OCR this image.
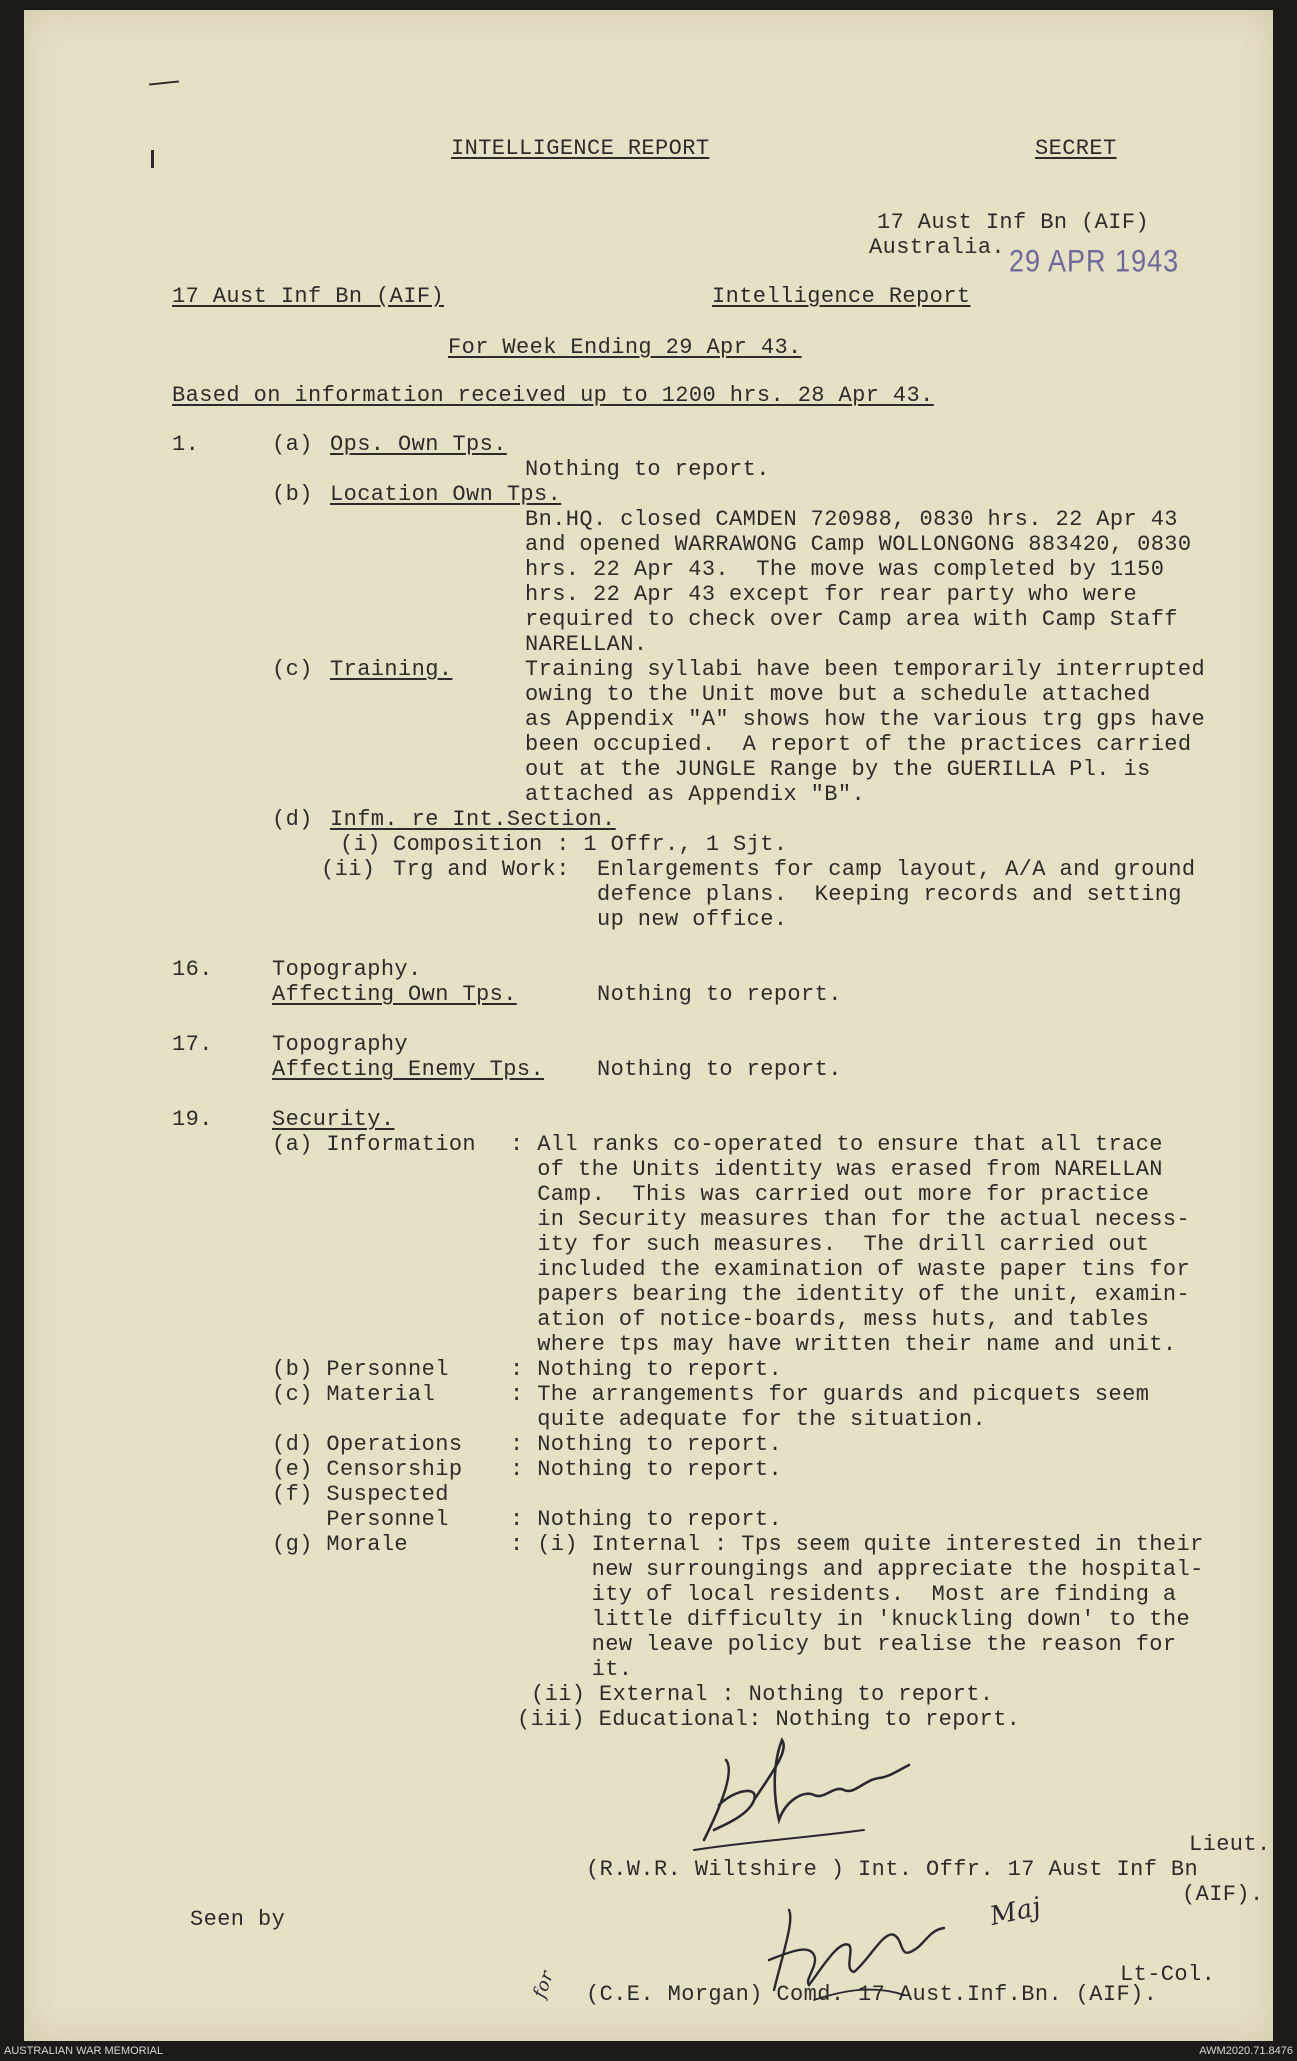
INTELLIGENCE REPORT	SECRET
17 Aust Inf Bn (AIF)
Australia. 29 APR 1943
17 Aust Inf Bn (AIF)	Intelligence Report
For Week Ending 29 Apr 43.
Based on information received up to 1200 hrs. 28 Apr 43.
1.	(a) Ops. Own Tps.
Nothing to report.
(b) Location Own Tps.
Bn.HQ. closed CAMDEN 720988, 0830 hrs. 22 Apr 43
and opened WARRAWONG Camp WOLLONGONG 883420, 0830
hrs. 22 Apr 43.  The move was completed by 1150
hrs. 22 Apr 43 except for rear party who were
required to check over Camp area with Camp Staff
NARELLAN.
(c) Training.	Training syllabi have been temporarily interrupted
owing to the Unit move but a schedule attached
as Appendix "A" shows how the various trg gps have
been occupied.  A report of the practices carried
out at the JUNGLE Range by the GUERILLA Pl. is
attached as Appendix "B".
(d) Infm. re Int.Section.
(i) Composition : 1 Offr., 1 Sjt.
(ii) Trg and Work: Enlargements for camp layout, A/A and ground
defence plans.  Keeping records and setting
up new office.
16.	Topography.
Affecting Own Tps.	Nothing to report.
17.	Topography
Affecting Enemy Tps. Nothing to report.
19.	Security.
(a) Information : All ranks co-operated to ensure that all trace
of the Units identity was erased from NARELLAN
Camp.  This was carried out more for practice
in Security measures than for the actual necess-
ity for such measures.  The drill carried out
included the examination of waste paper tins for
papers bearing the identity of the unit, examin-
ation of notice-boards, mess huts, and tables
where tps may have written their name and unit.
(b) Personnel	: Nothing to report.
(c) Material	: The arrangements for guards and picquets seem
quite adequate for the situation.
(d) Operations : Nothing to report.
(e) Censorship : Nothing to report.
(f) Suspected
Personnel	: Nothing to report.
(g) Morale	: (i) Internal : Tps seem quite interested in their
new surroungings and appreciate the hospital-
ity of local residents.  Most are finding a
little difficulty in 'knuckling down' to the
new leave policy but realise the reason for
it.
(ii) External : Nothing to report.
(iii) Educational: Nothing to report.
Lieut.
(R.W.R. Wiltshire ) Int. Offr. 17 Aust Inf Bn
(AIF).
Seen by	Maj
for	Lt-Col.
(C.E. Morgan) Comd. 17 Aust.Inf.Bn. (AIF).
AUSTRALIAN WAR MEMORIAL	AWM2020.71.8476
